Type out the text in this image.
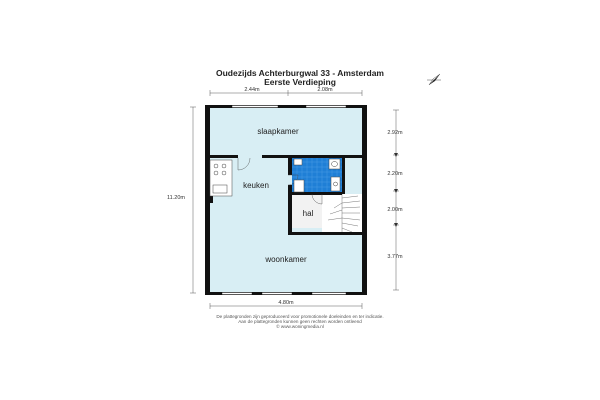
Oudezijds Achterburgwal 33 - Amsterdam
Eerste Verdieping
2.44m	2.08m
11.20m
2.92m
2.20m
2.00m
3.77m
4.80m
slaapkamer
keuken
hal
woonkamer
De plattegronden zijn geproduceerd voor promotionele doeleinden en ter indicatie.
Aan de plattegronden kunnen geen rechten worden ontleend
© www.woningmedia.nl
